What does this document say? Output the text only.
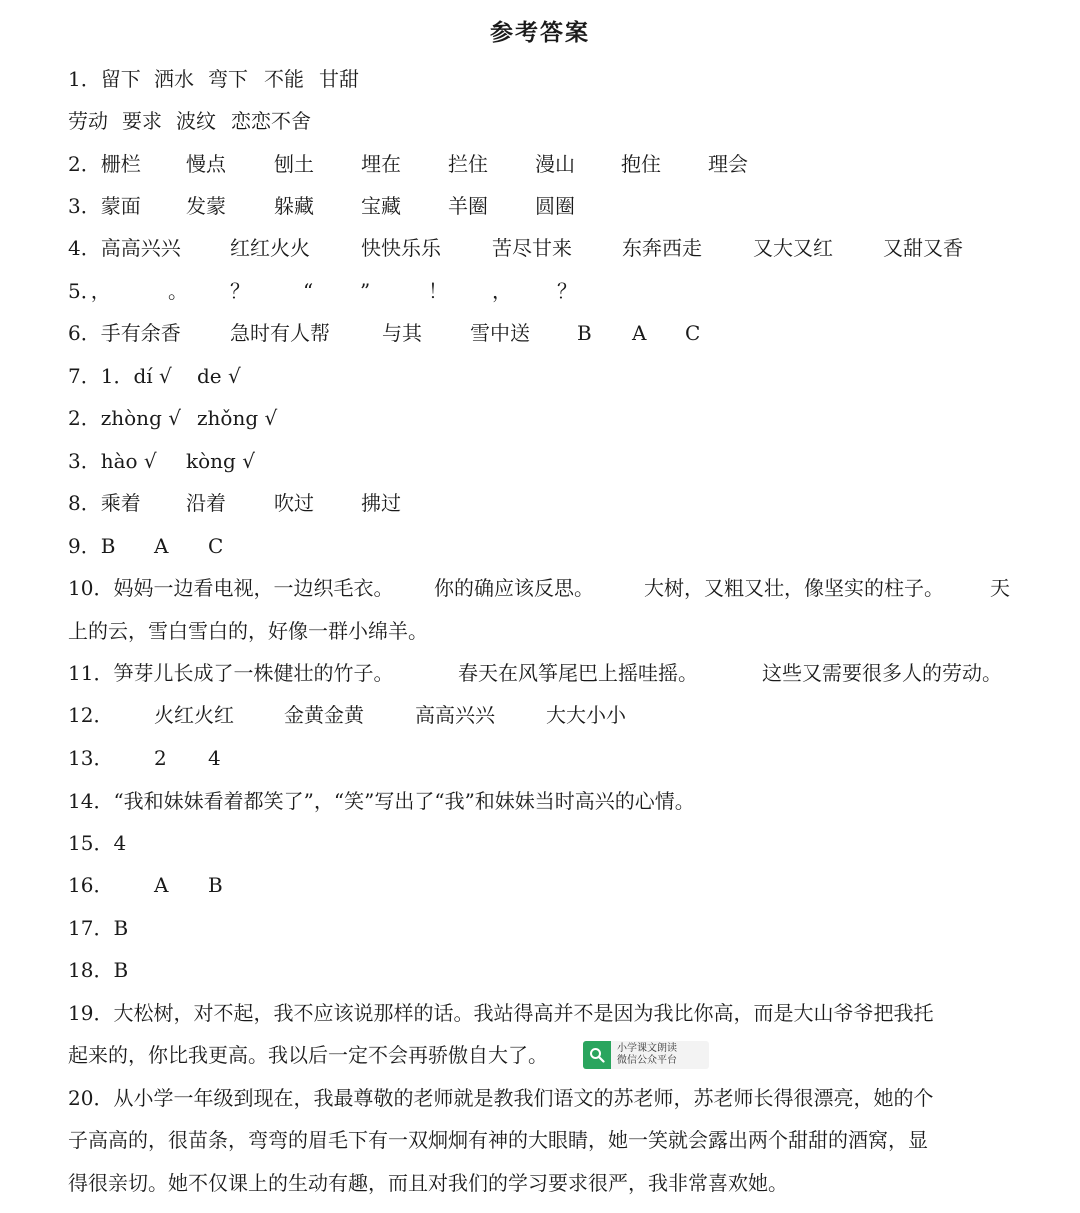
参考答案
1．留下 洒水 弯下 不能 甘甜
劳动 要求 波纹 恋恋不舍
2．栅栏 慢点 刨土 埋在 拦住 漫山 抱住 理会
3．蒙面 发蒙 躲藏 宝藏 羊圈 圆圈
4．高高兴兴 红红火火	快快乐乐	苦尽甘来	东奔西走	又大又红	又甜又香
5．，	。 ？	“ ”	！ ， ？
6．手有余香 急时有人帮	与其 雪中送 B A C
7．1．dí √ de √
2．zhòng √ zhǒng √
3．hào √ kòng √
8．乘着 沿着 吹过 拂过
9．B A C
10．妈妈一边看电视，一边织毛衣。 你的确应该反思。	大树，又粗又壮，像坚实的柱子。 天
上的云，雪白雪白的，好像一群小绵羊。
11．笋芽儿长成了一株健壮的竹子。	春天在风筝尾巴上摇哇摇。	这些又需要很多人的劳动。
12． 火红火红	金黄金黄	高高兴兴	大大小小
13． 2 4
14．“我和妹妹看着都笑了”，“笑”写出了“我”和妹妹当时高兴的心情。
15．4
16． A B
17．B
18．B
19．大松树，对不起，我不应该说那样的话。我站得高并不是因为我比你高，而是大山爷爷把我托
起来的，你比我更高。我以后一定不会再骄傲自大了。	小学课文朗读
微信公众平台
20．从小学一年级到现在，我最尊敬的老师就是教我们语文的苏老师，苏老师长得很漂亮，她的个
子高高的，很苗条，弯弯的眉毛下有一双炯炯有神的大眼睛，她一笑就会露出两个甜甜的酒窝，显
得很亲切。她不仅课上的生动有趣，而且对我们的学习要求很严，我非常喜欢她。
